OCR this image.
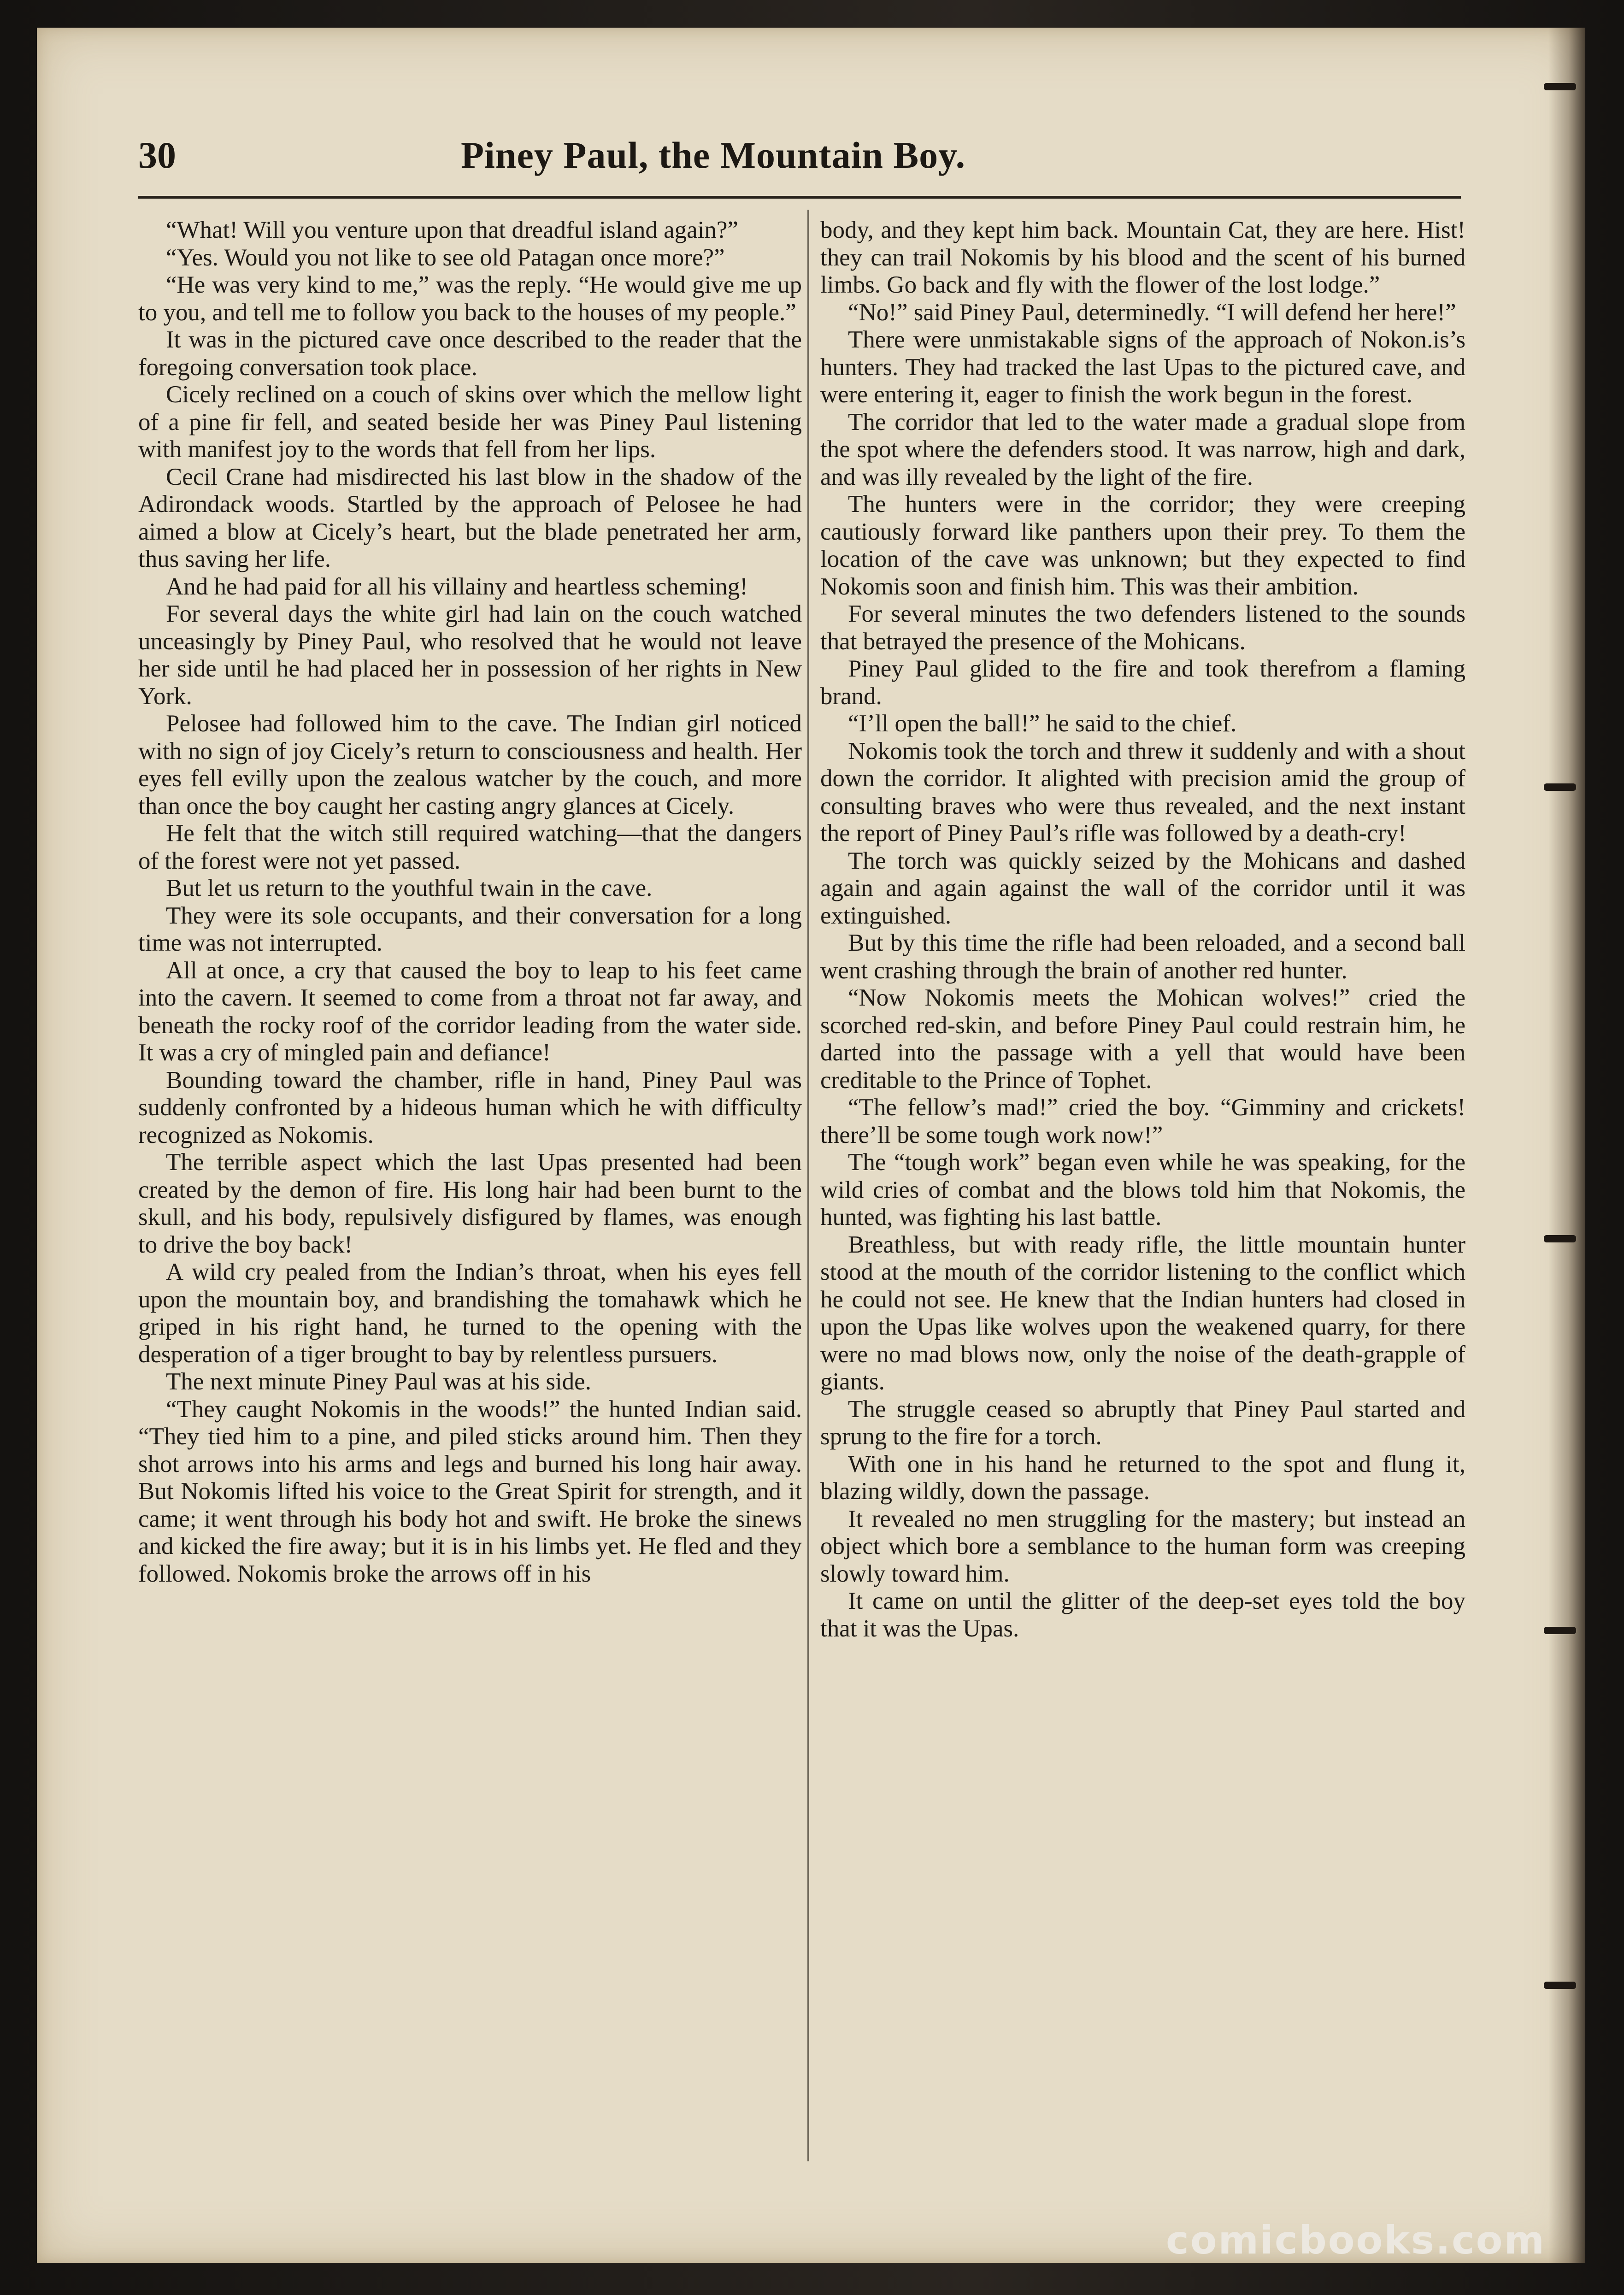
30	Piney Paul, the Mountain Boy.

“What! Will you venture upon that dreadful island again?”

“Yes. Would you not like to see old Patagan once more?”

“He was very kind to me,” was the reply. “He would give me up to you, and tell me to follow you back to the houses of my people.”

It was in the pictured cave once described to the reader that the foregoing conversation took place.

Cicely reclined on a couch of skins over which the mellow light of a pine fir fell, and seated beside her was Piney Paul listening with manifest joy to the words that fell from her lips.

Cecil Crane had misdirected his last blow in the shadow of the Adirondack woods. Startled by the approach of Pelosee he had aimed a blow at Cicely’s heart, but the blade penetrated her arm, thus saving her life.

And he had paid for all his villainy and heartless scheming!

For several days the white girl had lain on the couch watched unceasingly by Piney Paul, who resolved that he would not leave her side until he had placed her in possession of her rights in New York.

Pelosee had followed him to the cave. The Indian girl noticed with no sign of joy Cicely’s return to consciousness and health. Her eyes fell evilly upon the zealous watcher by the couch, and more than once the boy caught her casting angry glances at Cicely.

He felt that the witch still required watching—that the dangers of the forest were not yet passed.

But let us return to the youthful twain in the cave.

They were its sole occupants, and their conversation for a long time was not interrupted.

All at once, a cry that caused the boy to leap to his feet came into the cavern. It seemed to come from a throat not far away, and beneath the rocky roof of the corridor leading from the water side. It was a cry of mingled pain and defiance!

Bounding toward the chamber, rifle in hand, Piney Paul was suddenly confronted by a hideous human which he with difficulty recognized as Nokomis.

The terrible aspect which the last Upas presented had been created by the demon of fire. His long hair had been burnt to the skull, and his body, repulsively disfigured by flames, was enough to drive the boy back!

A wild cry pealed from the Indian’s throat, when his eyes fell upon the mountain boy, and brandishing the tomahawk which he griped in his right hand, he turned to the opening with the desperation of a tiger brought to bay by relentless pursuers.

The next minute Piney Paul was at his side.

“They caught Nokomis in the woods!” the hunted Indian said. “They tied him to a pine, and piled sticks around him. Then they shot arrows into his arms and legs and burned his long hair away. But Nokomis lifted his voice to the Great Spirit for strength, and it came; it went through his body hot and swift. He broke the sinews and kicked the fire away; but it is in his limbs yet. He fled and they followed. Nokomis broke the arrows off in his

body, and they kept him back. Mountain Cat, they are here. Hist! they can trail Nokomis by his blood and the scent of his burned limbs. Go back and fly with the flower of the lost lodge.”

“No!” said Piney Paul, determinedly. “I will defend her here!”

There were unmistakable signs of the approach of Nokon.is’s hunters. They had tracked the last Upas to the pictured cave, and were entering it, eager to finish the work begun in the forest.

The corridor that led to the water made a gradual slope from the spot where the defenders stood. It was narrow, high and dark, and was illy revealed by the light of the fire.

The hunters were in the corridor; they were creeping cautiously forward like panthers upon their prey. To them the location of the cave was unknown; but they expected to find Nokomis soon and finish him. This was their ambition.

For several minutes the two defenders listened to the sounds that betrayed the presence of the Mohicans.

Piney Paul glided to the fire and took therefrom a flaming brand.

“I’ll open the ball!” he said to the chief.

Nokomis took the torch and threw it suddenly and with a shout down the corridor. It alighted with precision amid the group of consulting braves who were thus revealed, and the next instant the report of Piney Paul’s rifle was followed by a death-cry!

The torch was quickly seized by the Mohicans and dashed again and again against the wall of the corridor until it was extinguished.

But by this time the rifle had been reloaded, and a second ball went crashing through the brain of another red hunter.

“Now Nokomis meets the Mohican wolves!” cried the scorched red-skin, and before Piney Paul could restrain him, he darted into the passage with a yell that would have been creditable to the Prince of Tophet.

“The fellow’s mad!” cried the boy. “Gimminy and crickets! there’ll be some tough work now!”

The “tough work” began even while he was speaking, for the wild cries of combat and the blows told him that Nokomis, the hunted, was fighting his last battle.

Breathless, but with ready rifle, the little mountain hunter stood at the mouth of the corridor listening to the conflict which he could not see. He knew that the Indian hunters had closed in upon the Upas like wolves upon the weakened quarry, for there were no mad blows now, only the noise of the death-grapple of giants.

The struggle ceased so abruptly that Piney Paul started and sprung to the fire for a torch.

With one in his hand he returned to the spot and flung it, blazing wildly, down the passage.

It revealed no men struggling for the mastery; but instead an object which bore a semblance to the human form was creeping slowly toward him.

It came on until the glitter of the deep-set eyes told the boy that it was the Upas.

comicbooks.com
